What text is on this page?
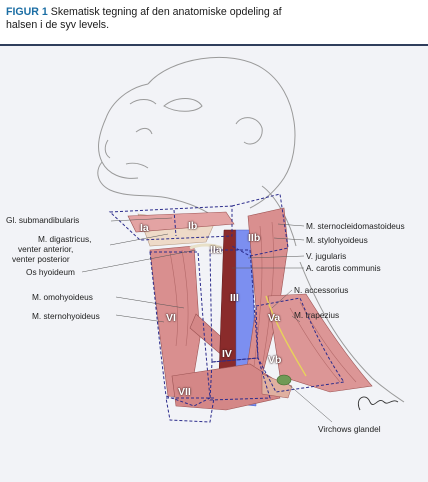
FIGUR 1 Skematisk tegning af den anatomiske opdeling af
halsen i de syv levels.
Gl. submandibularis
M. digastricus,
venter anterior,
venter posterior
Os hyoideum
M. omohyoideus
M. sternohyoideus
M. sternocleidomastoideus
M. stylohyoideus
V. jugularis
A. carotis communis
N. accessorius
M. trapezius
Virchows glandel
Ia	Ib
IIa
IIb
III
VI	Va
IV	Vb
VII
